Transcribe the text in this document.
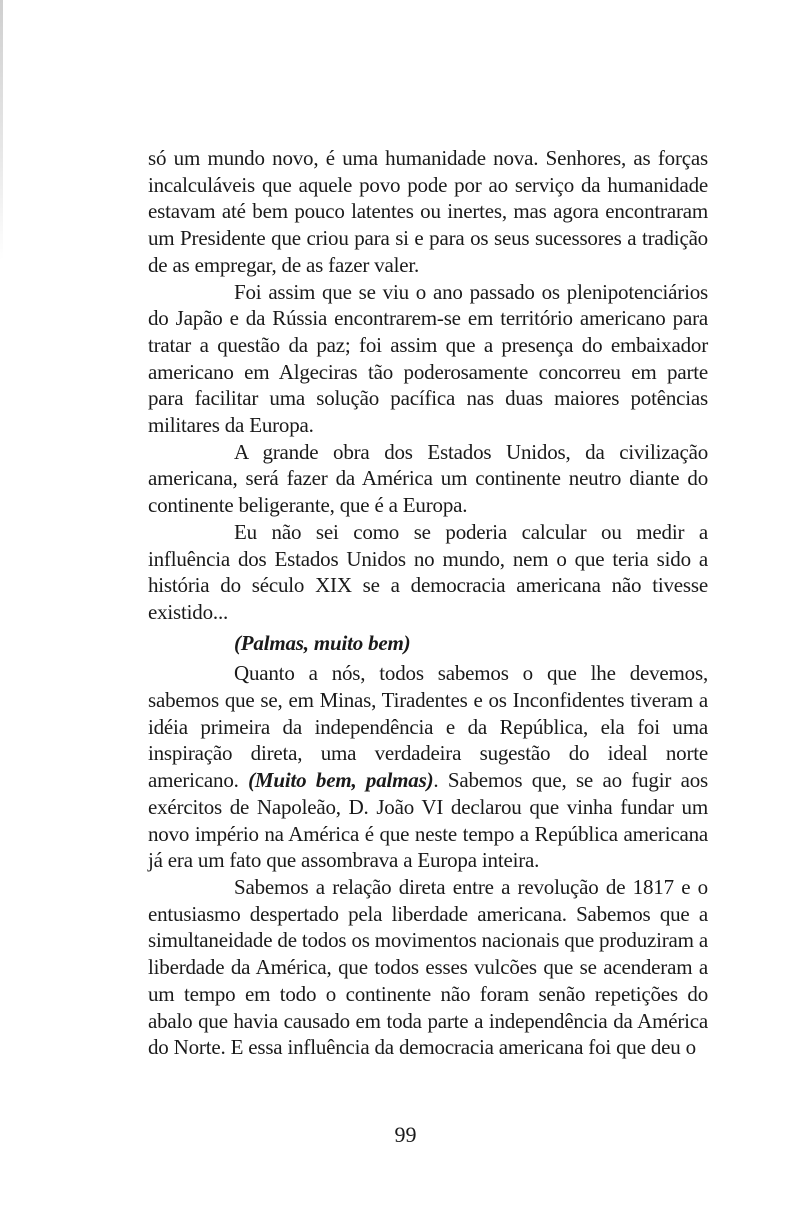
só um mundo novo, é uma humanidade nova. Senhores, as forças incalculáveis que aquele povo pode por ao serviço da humanidade estavam até bem pouco latentes ou inertes, mas agora encontraram um Presidente que criou para si e para os seus sucessores a tradição de as empregar, de as fazer valer.

Foi assim que se viu o ano passado os plenipotenciários do Japão e da Rússia encontrarem-se em território americano para tratar a questão da paz; foi assim que a presença do embaixador americano em Algeciras tão poderosamente concorreu em parte para facilitar uma solução pacífica nas duas maiores potências militares da Europa.

A grande obra dos Estados Unidos, da civilização americana, será fazer da América um continente neutro diante do continente beligerante, que é a Europa.

Eu não sei como se poderia calcular ou medir a influência dos Estados Unidos no mundo, nem o que teria sido a história do século XIX se a democracia americana não tivesse existido...

(Palmas, muito bem)

Quanto a nós, todos sabemos o que lhe devemos, sabemos que se, em Minas, Tiradentes e os Inconfidentes tiveram a idéia primeira da independência e da República, ela foi uma inspiração direta, uma verdadeira sugestão do ideal norte americano. (Muito bem, palmas). Sabemos que, se ao fugir aos exércitos de Napoleão, D. João VI declarou que vinha fundar um novo império na América é que neste tempo a República americana já era um fato que assombrava a Europa inteira.

Sabemos a relação direta entre a revolução de 1817 e o entusiasmo despertado pela liberdade americana. Sabemos que a simultaneidade de todos os movimentos nacionais que produziram a liberdade da América, que todos esses vulcões que se acenderam a um tempo em todo o continente não foram senão repetições do abalo que havia causado em toda parte a independência da América do Norte. E essa influência da democracia americana foi que deu o

99
